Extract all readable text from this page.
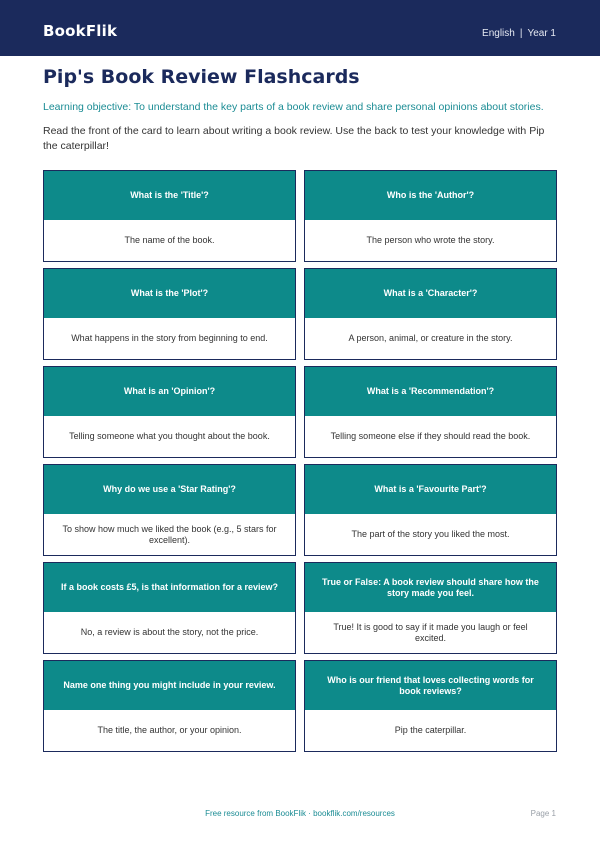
BookFlik	English | Year 1
Pip's Book Review Flashcards
Learning objective: To understand the key parts of a book review and share personal opinions about stories.
Read the front of the card to learn about writing a book review. Use the back to test your knowledge with Pip the caterpillar!
What is the 'Title'?
The name of the book.
Who is the 'Author'?
The person who wrote the story.
What is the 'Plot'?
What happens in the story from beginning to end.
What is a 'Character'?
A person, animal, or creature in the story.
What is an 'Opinion'?
Telling someone what you thought about the book.
What is a 'Recommendation'?
Telling someone else if they should read the book.
Why do we use a 'Star Rating'?
To show how much we liked the book (e.g., 5 stars for excellent).
What is a 'Favourite Part'?
The part of the story you liked the most.
If a book costs £5, is that information for a review?
No, a review is about the story, not the price.
True or False: A book review should share how the story made you feel.
True! It is good to say if it made you laugh or feel excited.
Name one thing you might include in your review.
The title, the author, or your opinion.
Who is our friend that loves collecting words for book reviews?
Pip the caterpillar.
Free resource from BookFlik · bookflik.com/resources	Page 1
